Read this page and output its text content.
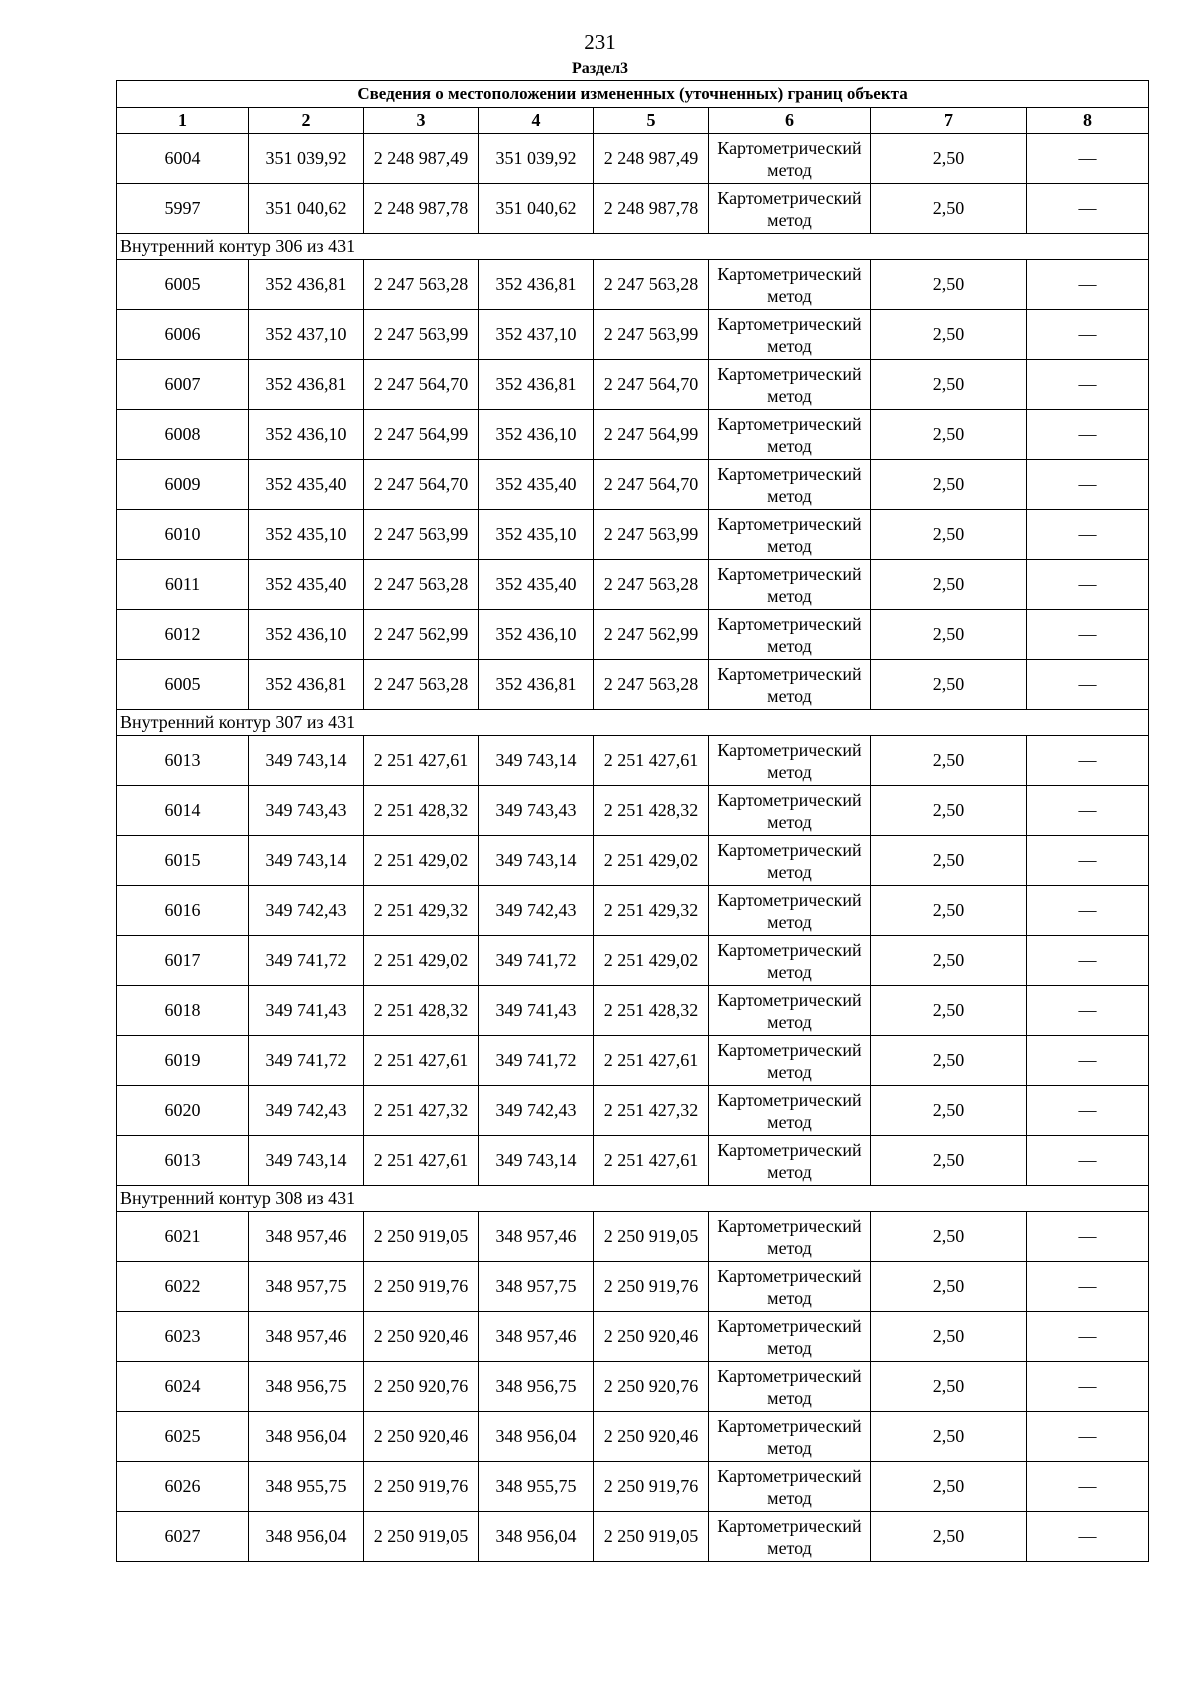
231
Раздел3
Сведения о местоположении измененных (уточненных) границ объекта							
1	2	3	4	5	6	7	8
6004	351 039,92	2 248 987,49	351 039,92	2 248 987,49	Картометрический метод	2,50	—
5997	351 040,62	2 248 987,78	351 040,62	2 248 987,78	Картометрический метод	2,50	—
Внутренний контур 306 из 431							
6005	352 436,81	2 247 563,28	352 436,81	2 247 563,28	Картометрический метод	2,50	—
6006	352 437,10	2 247 563,99	352 437,10	2 247 563,99	Картометрический метод	2,50	—
6007	352 436,81	2 247 564,70	352 436,81	2 247 564,70	Картометрический метод	2,50	—
6008	352 436,10	2 247 564,99	352 436,10	2 247 564,99	Картометрический метод	2,50	—
6009	352 435,40	2 247 564,70	352 435,40	2 247 564,70	Картометрический метод	2,50	—
6010	352 435,10	2 247 563,99	352 435,10	2 247 563,99	Картометрический метод	2,50	—
6011	352 435,40	2 247 563,28	352 435,40	2 247 563,28	Картометрический метод	2,50	—
6012	352 436,10	2 247 562,99	352 436,10	2 247 562,99	Картометрический метод	2,50	—
6005	352 436,81	2 247 563,28	352 436,81	2 247 563,28	Картометрический метод	2,50	—
Внутренний контур 307 из 431							
6013	349 743,14	2 251 427,61	349 743,14	2 251 427,61	Картометрический метод	2,50	—
6014	349 743,43	2 251 428,32	349 743,43	2 251 428,32	Картометрический метод	2,50	—
6015	349 743,14	2 251 429,02	349 743,14	2 251 429,02	Картометрический метод	2,50	—
6016	349 742,43	2 251 429,32	349 742,43	2 251 429,32	Картометрический метод	2,50	—
6017	349 741,72	2 251 429,02	349 741,72	2 251 429,02	Картометрический метод	2,50	—
6018	349 741,43	2 251 428,32	349 741,43	2 251 428,32	Картометрический метод	2,50	—
6019	349 741,72	2 251 427,61	349 741,72	2 251 427,61	Картометрический метод	2,50	—
6020	349 742,43	2 251 427,32	349 742,43	2 251 427,32	Картометрический метод	2,50	—
6013	349 743,14	2 251 427,61	349 743,14	2 251 427,61	Картометрический метод	2,50	—
Внутренний контур 308 из 431							
6021	348 957,46	2 250 919,05	348 957,46	2 250 919,05	Картометрический метод	2,50	—
6022	348 957,75	2 250 919,76	348 957,75	2 250 919,76	Картометрический метод	2,50	—
6023	348 957,46	2 250 920,46	348 957,46	2 250 920,46	Картометрический метод	2,50	—
6024	348 956,75	2 250 920,76	348 956,75	2 250 920,76	Картометрический метод	2,50	—
6025	348 956,04	2 250 920,46	348 956,04	2 250 920,46	Картометрический метод	2,50	—
6026	348 955,75	2 250 919,76	348 955,75	2 250 919,76	Картометрический метод	2,50	—
6027	348 956,04	2 250 919,05	348 956,04	2 250 919,05	Картометрический метод	2,50	—
